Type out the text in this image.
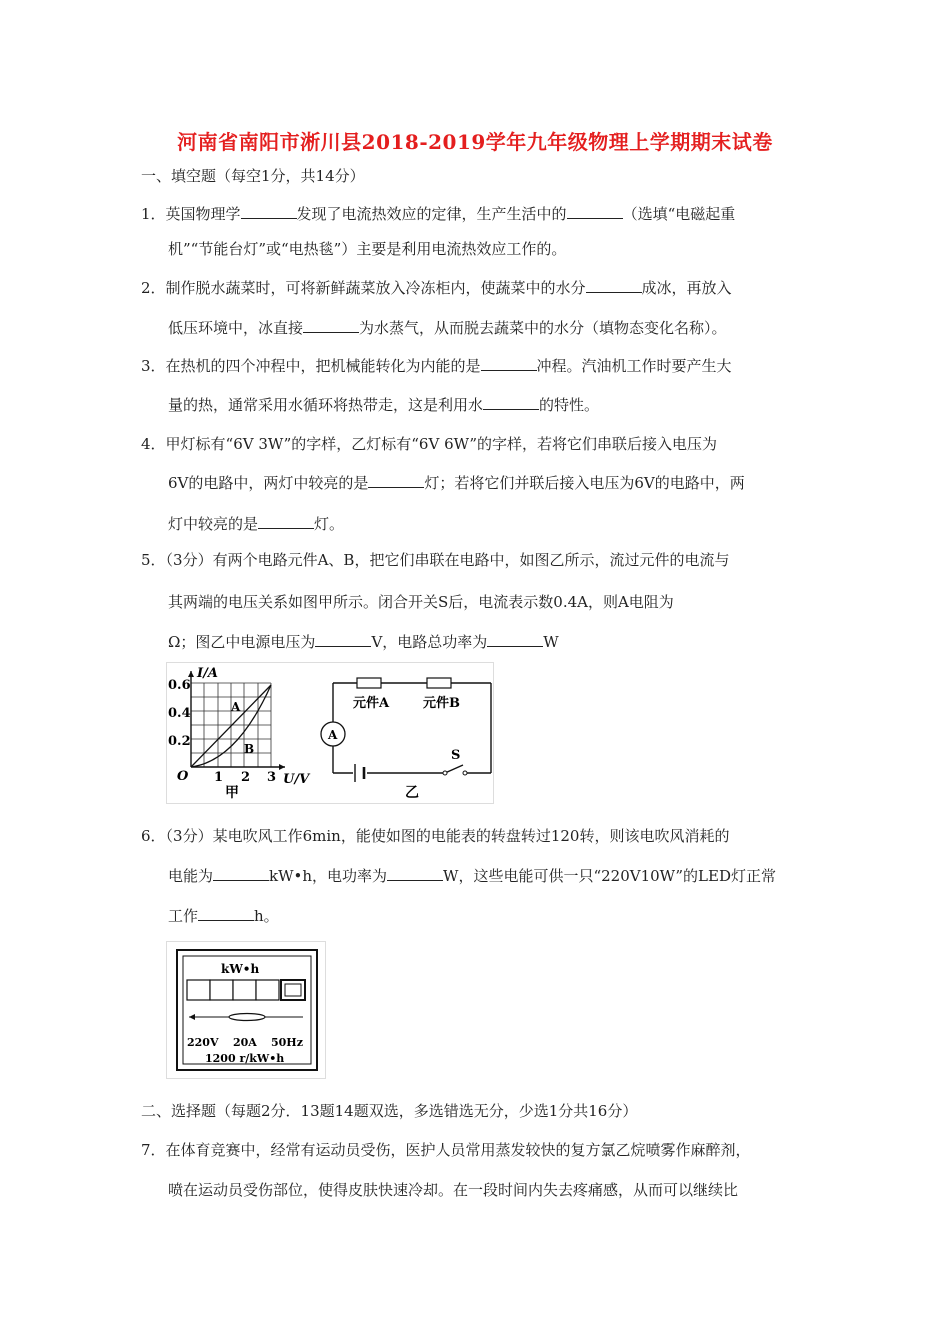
河南省南阳市淅川县2018-2019学年九年级物理上学期期末试卷
一、填空题（每空1分，共14分）
1．英国物理学	发现了电流热效应的定律，生产生活中的	（选填“电磁起重
机”“节能台灯”或“电热毯”）主要是利用电流热效应工作的。
2．制作脱水蔬菜时，可将新鲜蔬菜放入冷冻柜内，使蔬菜中的水分	成冰，再放入
低压环境中，冰直接	为水蒸气，从而脱去蔬菜中的水分（填物态变化名称）。
3．在热机的四个冲程中，把机械能转化为内能的是	冲程。汽油机工作时要产生大
量的热，通常采用水循环将热带走，这是利用水	的特性。
4．甲灯标有“6V 3W”的字样，乙灯标有“6V 6W”的字样，若将它们串联后接入电压为
6V的电路中，两灯中较亮的是	灯；若将它们并联后接入电压为6V的电路中，两
灯中较亮的是	灯。
5．（3分）有两个电路元件A、B，把它们串联在电路中，如图乙所示，流过元件的电流与
其两端的电压关系如图甲所示。闭合开关S后，电流表示数0.4A，则A电阻为
Ω；图乙中电源电压为	V，电路总功率为	W
I/A
0.6
0.4
0.2
O 1 2 3 U/V
A
B
甲
A
元件A	元件B
S
乙
6．（3分）某电吹风工作6min，能使如图的电能表的转盘转过120转，则该电吹风消耗的
电能为	kW•h，电功率为	W，这些电能可供一只“220V10W”的LED灯正常
工作	h。
kW•h
220V 20A 50Hz
1200 r/kW•h
二、选择题（每题2分．13题14题双选，多选错选无分，少选1分共16分）
7．在体育竞赛中，经常有运动员受伤，医护人员常用蒸发较快的复方氯乙烷喷雾作麻醉剂，
喷在运动员受伤部位，使得皮肤快速冷却。在一段时间内失去疼痛感，从而可以继续比
